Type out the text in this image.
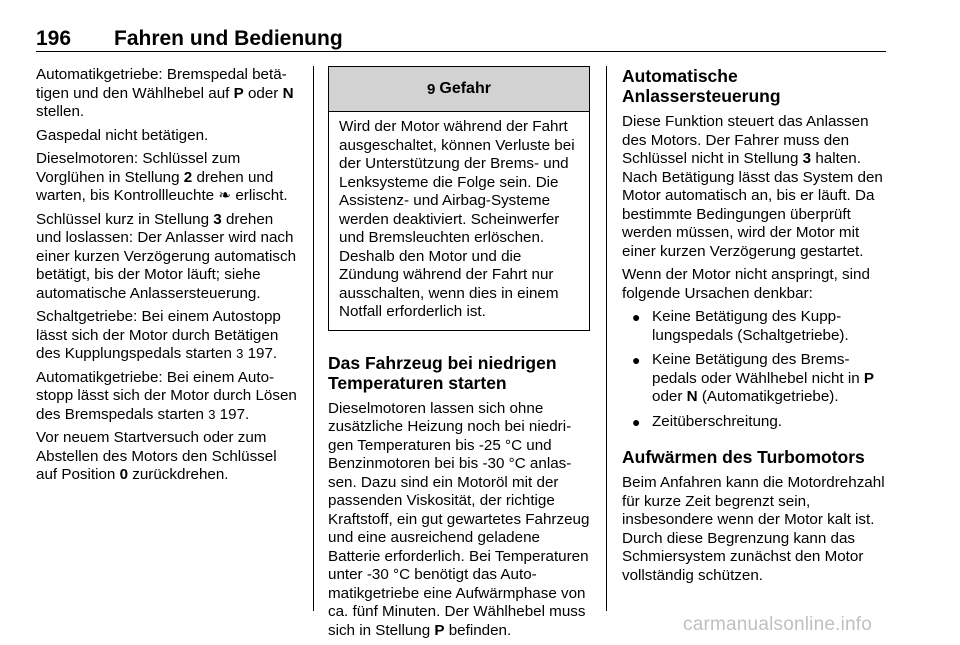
196 Fahren und Bedienung

Automatikgetriebe: Bremspedal betätigen und den Wählhebel auf P oder N stellen.

Gaspedal nicht betätigen.

Dieselmotoren: Schlüssel zum Vorglühen in Stellung 2 drehen und warten, bis Kontrollleuchte ❧ erlischt.

Schlüssel kurz in Stellung 3 drehen und loslassen: Der Anlasser wird nach einer kurzen Verzögerung automatisch betätigt, bis der Motor läuft; siehe automatische Anlassersteuerung.

Schaltgetriebe: Bei einem Autostopp lässt sich der Motor durch Betätigen des Kupplungspedals starten 3 197.

Automatikgetriebe: Bei einem Autostopp lässt sich der Motor durch Lösen des Bremspedals starten 3 197.

Vor neuem Startversuch oder zum Abstellen des Motors den Schlüssel auf Position 0 zurückdrehen.

9 Gefahr

Wird der Motor während der Fahrt ausgeschaltet, können Verluste bei der Unterstützung der Brems- und Lenksysteme die Folge sein. Die Assistenz- und Airbag-Systeme werden deaktiviert. Scheinwerfer und Bremsleuchten erlöschen. Deshalb den Motor und die Zündung während der Fahrt nur ausschalten, wenn dies in einem Notfall erforderlich ist.

Das Fahrzeug bei niedrigen Temperaturen starten

Dieselmotoren lassen sich ohne zusätzliche Heizung noch bei niedrigen Temperaturen bis -25 °C und Benzinmotoren bei bis -30 °C anlassen. Dazu sind ein Motoröl mit der passenden Viskosität, der richtige Kraftstoff, ein gut gewartetes Fahrzeug und eine ausreichend geladene Batterie erforderlich. Bei Temperaturen unter -30 °C benötigt das Automatikgetriebe eine Aufwärmphase von ca. fünf Minuten. Der Wählhebel muss sich in Stellung P befinden.

Automatische Anlassersteuerung

Diese Funktion steuert das Anlassen des Motors. Der Fahrer muss den Schlüssel nicht in Stellung 3 halten. Nach Betätigung lässt das System den Motor automatisch an, bis er läuft. Da bestimmte Bedingungen überprüft werden müssen, wird der Motor mit einer kurzen Verzögerung gestartet.

Wenn der Motor nicht anspringt, sind folgende Ursachen denkbar:

● Keine Betätigung des Kupplungspedals (Schaltgetriebe).
● Keine Betätigung des Bremspedals oder Wählhebel nicht in P oder N (Automatikgetriebe).
● Zeitüberschreitung.
Aufwärmen des Turbomotors

Beim Anfahren kann die Motordrehzahl für kurze Zeit begrenzt sein, insbesondere wenn der Motor kalt ist. Durch diese Begrenzung kann das Schmiersystem zunächst den Motor vollständig schützen.

carmanualsonline.info
